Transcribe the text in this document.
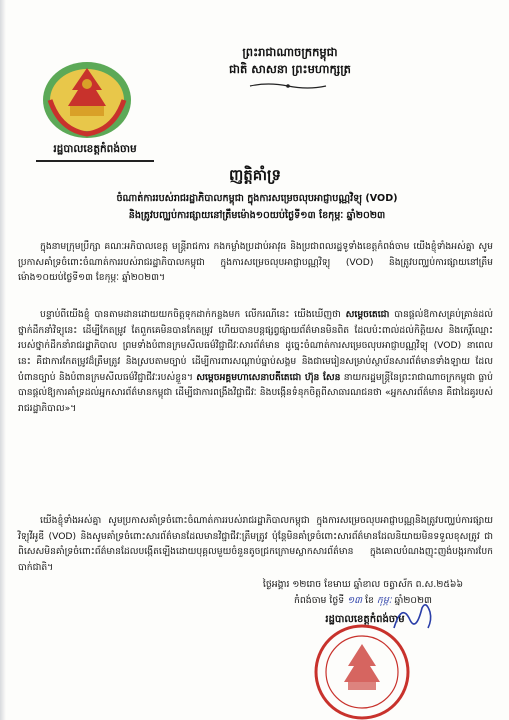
ព្រះរាជាណាចក្រកម្ពុជា
ជាតិ សាសនា ព្រះមហាក្សត្រ
រដ្ឋបាលខេត្តកំពង់ចាម
ញត្តិគាំទ្រ
ចំណាត់ការរបស់រាជរដ្ឋាភិបាលកម្ពុជា ក្នុងការសម្រេចលុបអាជ្ញាបណ្ណវិទ្យុ (VOD)
និងត្រូវបញ្ឈប់ការផ្សាយនៅត្រឹមម៉ោង១០យប់ថ្ងៃទី១៣ ខែកុម្ភៈ ឆ្នាំ២០២៣

ក្នុងនាមក្រុមប្រឹក្សា គណៈអភិបាលខេត្ត មន្ត្រីរាជការ កងកម្លាំងប្រដាប់អាវុធ និងប្រជាពលរដ្ឋទូទាំងខេត្តកំពង់ចាម យើងខ្ញុំទាំងអស់គ្នា សូមប្រកាសគាំទ្រចំពោះចំណាត់ការរបស់រាជរដ្ឋាភិបាលកម្ពុជា ក្នុងការសម្រេចលុបអាជ្ញាបណ្ណវិទ្យុ (VOD) និងត្រូវបញ្ឈប់ការផ្សាយនៅត្រឹមម៉ោង១០យប់ថ្ងៃទី១៣ ខែកុម្ភៈ ឆ្នាំ២០២៣។

បន្ទាប់ពីយើងខ្ញុំ បានតាមដានដោយយកចិត្តទុកដាក់កន្លងមក លើករណីនេះ យើងឃើញថា សម្តេចតេជោ បានផ្តល់ឱកាសគ្រប់គ្រាន់ដល់ថ្នាក់ដឹកនាំវិទ្យុនេះ ដើម្បីកែតម្រូវ តែពួកគេមិនបានកែតម្រូវ ហើយបានបន្តផ្សព្វផ្សាយព័ត៌មានមិនពិត ដែលប៉ះពាល់ដល់កិត្តិយស និងកេរ្តិ៍ឈ្មោះរបស់ថ្នាក់ដឹកនាំរាជរដ្ឋាភិបាល ព្រមទាំងបំពានក្រមសីលធម៌វិជ្ជាជីវៈសារព័ត៌មាន ដូច្នេះចំណាត់ការសម្រេចលុបអាជ្ញាបណ្ណវិទ្យុ (VOD) នាពេលនេះ គឺជាការកែតម្រូវដ៏ត្រឹមត្រូវ និងស្របតាមច្បាប់ ដើម្បីការពារសណ្តាប់ធ្នាប់សង្គម និងជាមេរៀនសម្រាប់ស្ថាប័នសារព័ត៌មានទាំងឡាយ ដែលបំពានច្បាប់ និងបំពានក្រមសីលធម៌វិជ្ជាជីវៈរបស់ខ្លួន។ សម្តេចអគ្គមហាសេនាបតីតេជោ ហ៊ុន សែន នាយករដ្ឋមន្ត្រីនៃព្រះរាជាណាចក្រកម្ពុជា ធ្លាប់បានផ្តល់ឱ្យការគាំទ្រដល់អ្នកសារព័ត៌មានកម្ពុជា ដើម្បីជាការពង្រឹងវិជ្ជាជីវៈ និងបង្កើនទំនុកចិត្តពីសាធារណជនថា «អ្នកសារព័ត៌មាន គឺជាដៃគូរបស់រាជរដ្ឋាភិបាល»។

យើងខ្ញុំទាំងអស់គ្នា សូមប្រកាសគាំទ្រចំពោះចំណាត់ការរបស់រាជរដ្ឋាភិបាលកម្ពុជា ក្នុងការសម្រេចលុបអាជ្ញាបណ្ណនិងត្រូវបញ្ឈប់ការផ្សាយ វិទ្យុវីអូឌី (VOD) និងសូមគាំទ្រចំពោះសារព័ត៌មានដែលមានវិជ្ជាជីវៈត្រឹមត្រូវ ប៉ុន្តែមិនគាំទ្រចំពោះសារព័ត៌មានដែលនិយាយមិនទទួលខុសត្រូវ ជាពិសេសមិនគាំទ្រចំពោះព័ត៌មានដែលបង្កើតឡើងដោយបុគ្គលមួយចំនួនតូចជ្រកក្រោមស្លាកសារព័ត៌មាន ក្នុងគោលបំណងញុះញង់បង្ករការបែកបាក់ជាតិ។

ថ្ងៃអង្គារ ១២រោច ខែមាឃ ឆ្នាំខាល ចត្វាស័ក ព.ស.២៥៦៦
កំពង់ចាម ថ្ងៃទី ១៣ ខែ កុម្ភៈ ឆ្នាំ២០២៣
រដ្ឋបាលខេត្តកំពង់ចាម
